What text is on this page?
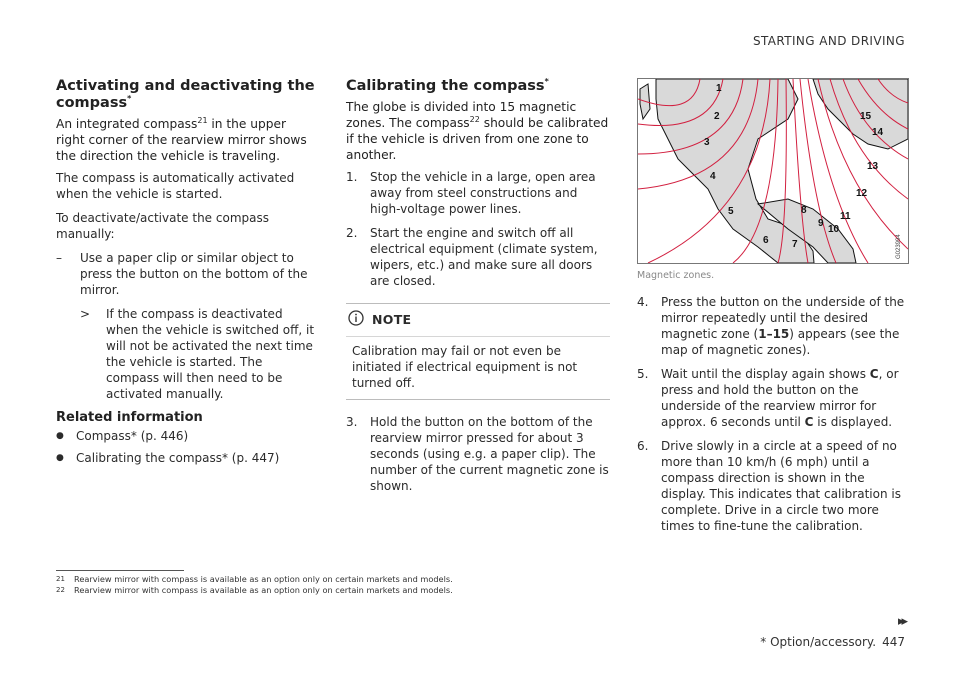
STARTING AND DRIVING
Activating and deactivating the compass*

An integrated compass$^{21}$ in the upper right corner of the rearview mirror shows the direction the vehicle is traveling.

The compass is automatically activated when the vehicle is started.

To deactivate/activate the compass manually:

– Use a paper clip or similar object to press the button on the bottom of the mirror.
> If the compass is deactivated when the vehicle is switched off, it will not be activated the next time the vehicle is started. The compass will then need to be activated manually.
Related information
● Compass* (p. 446)
● Calibrating the compass* (p. 447)
Calibrating the compass*

The globe is divided into 15 magnetic zones. The compass$^{22}$ should be calibrated if the vehicle is driven from one zone to another.

1. Stop the vehicle in a large, open area away from steel constructions and high-voltage power lines.
2. Start the engine and switch off all electrical equipment (climate system, wipers, etc.) and make sure all doors are closed.
NOTE
Calibration may fail or not even be initiated if electrical equipment is not turned off.
3. Hold the button on the bottom of the rearview mirror pressed for about 3 seconds (using e.g. a paper clip). The number of the current magnetic zone is shown.
1
2
3
4
5
6 7
8
9
10
11
12
13
14
15
G023994
Magnetic zones.
4. Press the button on the underside of the mirror repeatedly until the desired magnetic zone (1–15) appears (see the map of magnetic zones).
5. Wait until the display again shows C, or press and hold the button on the underside of the rearview mirror for approx. 6 seconds until C is displayed.
6. Drive slowly in a circle at a speed of no more than 10 km/h (6 mph) until a compass direction is shown in the display. This indicates that calibration is complete. Drive in a circle two more times to fine-tune the calibration.
21	Rearview mirror with compass is available as an option only on certain markets and models.
22	Rearview mirror with compass is available as an option only on certain markets and models.
▸▸
* Option/accessory. 447
